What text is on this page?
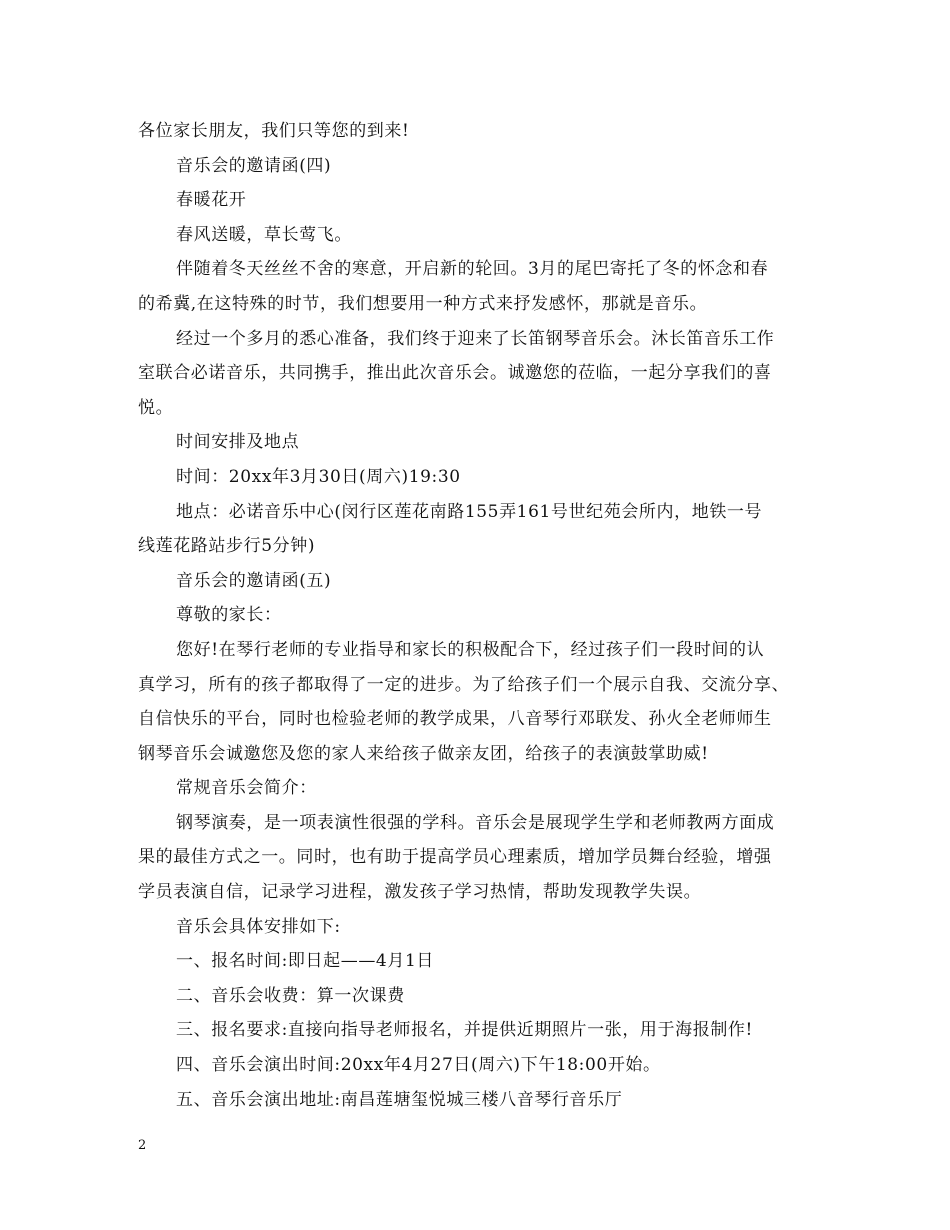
各位家长朋友，我们只等您的到来!
音乐会的邀请函(四)
春暖花开
春风送暖，草长莺飞。
伴随着冬天丝丝不舍的寒意，开启新的轮回。3月的尾巴寄托了冬的怀念和春
的希冀,在这特殊的时节，我们想要用一种方式来抒发感怀，那就是音乐。
经过一个多月的悉心准备，我们终于迎来了长笛钢琴音乐会。沐长笛音乐工作
室联合必诺音乐，共同携手，推出此次音乐会。诚邀您的莅临，一起分享我们的喜
悦。
时间安排及地点
时间：20xx年3月30日(周六)19:30
地点：必诺音乐中心(闵行区莲花南路155弄161号世纪苑会所内，地铁一号
线莲花路站步行5分钟)
音乐会的邀请函(五)
尊敬的家长：
您好!在琴行老师的专业指导和家长的积极配合下，经过孩子们一段时间的认
真学习，所有的孩子都取得了一定的进步。为了给孩子们一个展示自我、交流分享、
自信快乐的平台，同时也检验老师的教学成果，八音琴行邓联发、孙火全老师师生
钢琴音乐会诚邀您及您的家人来给孩子做亲友团，给孩子的表演鼓掌助威!
常规音乐会简介：
钢琴演奏，是一项表演性很强的学科。音乐会是展现学生学和老师教两方面成
果的最佳方式之一。同时，也有助于提高学员心理素质，增加学员舞台经验，增强
学员表演自信，记录学习进程，激发孩子学习热情，帮助发现教学失误。
音乐会具体安排如下:
一、报名时间:即日起——4月1日
二、音乐会收费：算一次课费
三、报名要求:直接向指导老师报名，并提供近期照片一张，用于海报制作!
四、音乐会演出时间:20xx年4月27日(周六)下午18:00开始。
五、音乐会演出地址:南昌莲塘玺悦城三楼八音琴行音乐厅
2
